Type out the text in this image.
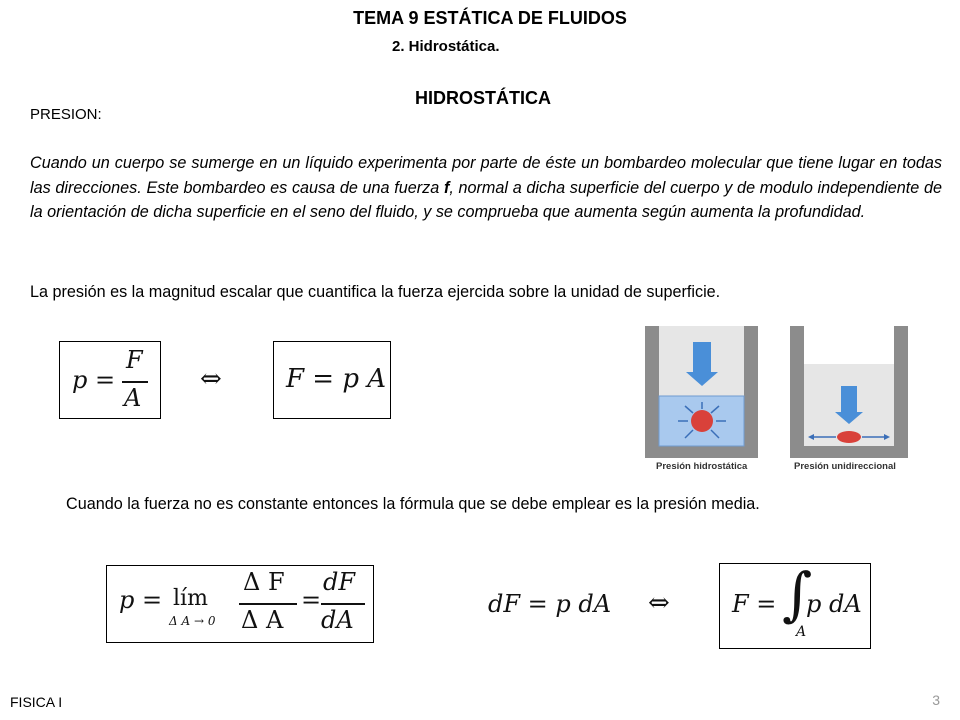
TEMA 9 ESTÁTICA DE FLUIDOS
2. Hidrostática.
HIDROSTÁTICA
PRESION:
Cuando un cuerpo se sumerge en un líquido experimenta por parte de éste un bombardeo molecular que tiene lugar en todas las direcciones. Este bombardeo es causa de una fuerza f, normal a dicha superficie del cuerpo y de modulo independiente de la orientación de dicha superficie en el seno del fluido, y se comprueba que aumenta según aumenta la profundidad.
La presión es la magnitud escalar que cuantifica la fuerza ejercida sobre la unidad de superficie.
p =
F
A
⇔ F = p A
Presión hidrostática	Presión unidireccional
Cuando la fuerza no es constante entonces la fórmula que se debe emplear es la presión media.
p = lím
Δ A → 0
Δ F
Δ A
=
dF
dA
dF = p dA ⇔	F = ∫
A
p dA
FISICA I	3
